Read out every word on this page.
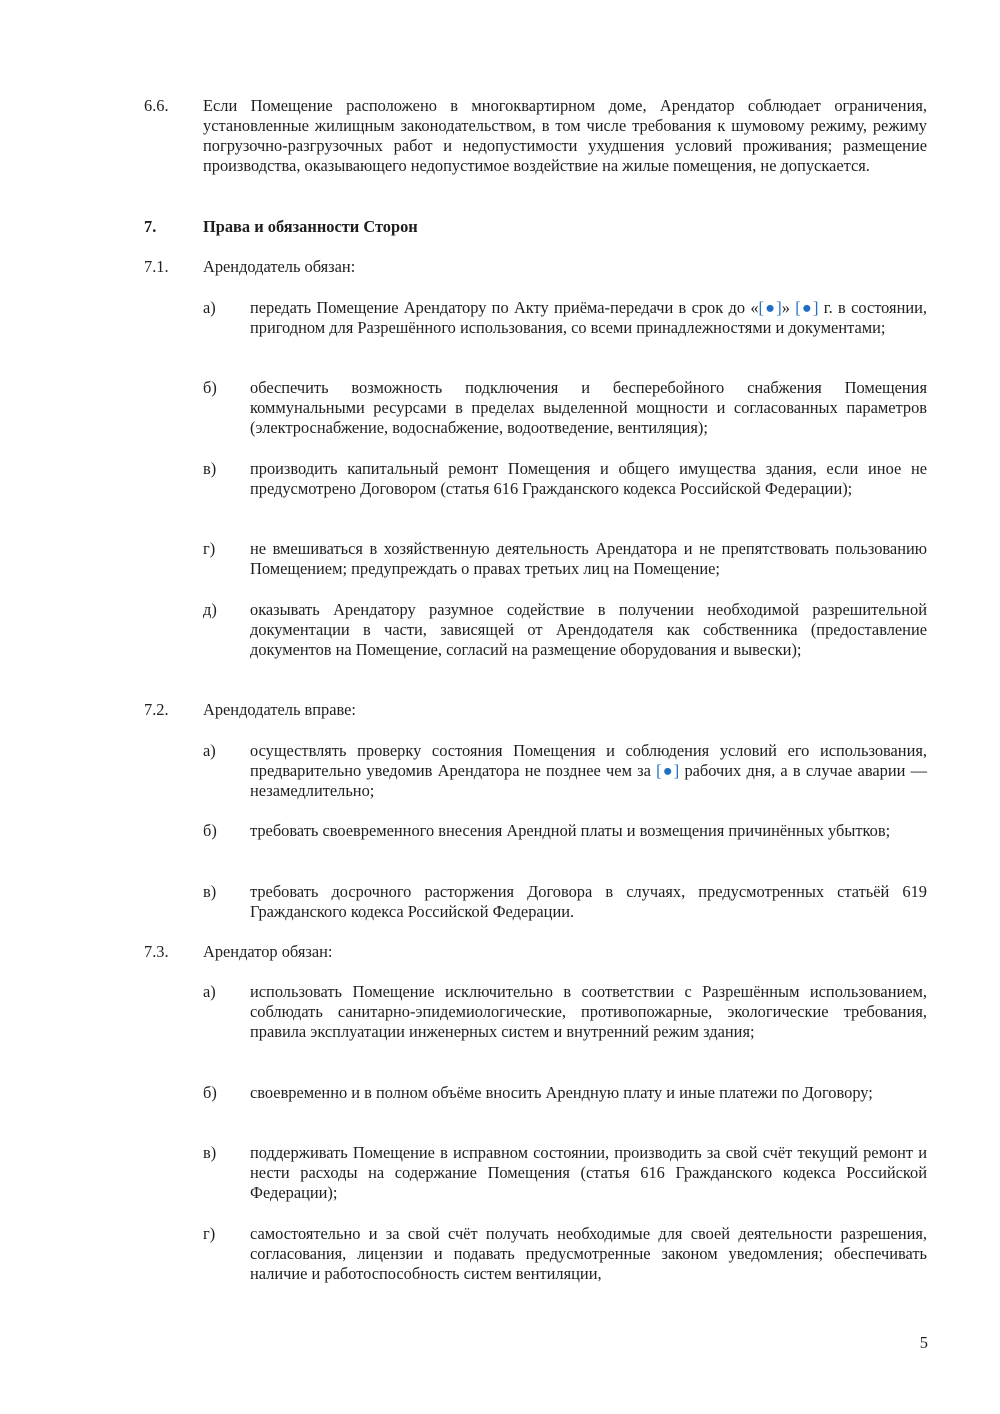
6.6. Если Помещение расположено в многоквартирном доме, Арендатор соблюдает ограничения, установленные жилищным законодательством, в том числе требования к шумовому режиму, режиму погрузочно-разгрузочных работ и недопустимости ухудшения условий проживания; размещение производства, оказывающего недопустимое воздействие на жилые помещения, не допускается.

7.	Права и обязанности Сторон
7.1. Арендодатель обязан:
а) передать Помещение Арендатору по Акту приёма-передачи в срок до «[●]» [●] г. в состоянии, пригодном для Разрешённого использования, со всеми принадлежностями и документами;

б) обеспечить возможность подключения и бесперебойного снабжения Помещения коммунальными ресурсами в пределах выделенной мощности и согласованных параметров (электроснабжение, водоснабжение, водоотведение, вентиляция);

в) производить капитальный ремонт Помещения и общего имущества здания, если иное не предусмотрено Договором (статья 616 Гражданского кодекса Российской Федерации);

г) не вмешиваться в хозяйственную деятельность Арендатора и не препятствовать пользованию Помещением; предупреждать о правах третьих лиц на Помещение;

д) оказывать Арендатору разумное содействие в получении необходимой разрешительной документации в части, зависящей от Арендодателя как собственника (предоставление документов на Помещение, согласий на размещение оборудования и вывески);

7.2. Арендодатель вправе:
а) осуществлять проверку состояния Помещения и соблюдения условий его использования, предварительно уведомив Арендатора не позднее чем за [●] рабочих дня, а в случае аварии — незамедлительно;

б) требовать своевременного внесения Арендной платы и возмещения причинённых убытков;

в) требовать досрочного расторжения Договора в случаях, предусмотренных статьёй 619 Гражданского кодекса Российской Федерации.

7.3. Арендатор обязан:
а) использовать Помещение исключительно в соответствии с Разрешённым использованием, соблюдать санитарно-эпидемиологические, противопожарные, экологические требования, правила эксплуатации инженерных систем и внутренний режим здания;

б) своевременно и в полном объёме вносить Арендную плату и иные платежи по Договору;

в) поддерживать Помещение в исправном состоянии, производить за свой счёт текущий ремонт и нести расходы на содержание Помещения (статья 616 Гражданского кодекса Российской Федерации);

г) самостоятельно и за свой счёт получать необходимые для своей деятельности разрешения, согласования, лицензии и подавать предусмотренные законом уведомления; обеспечивать наличие и работоспособность систем вентиляции,

5
